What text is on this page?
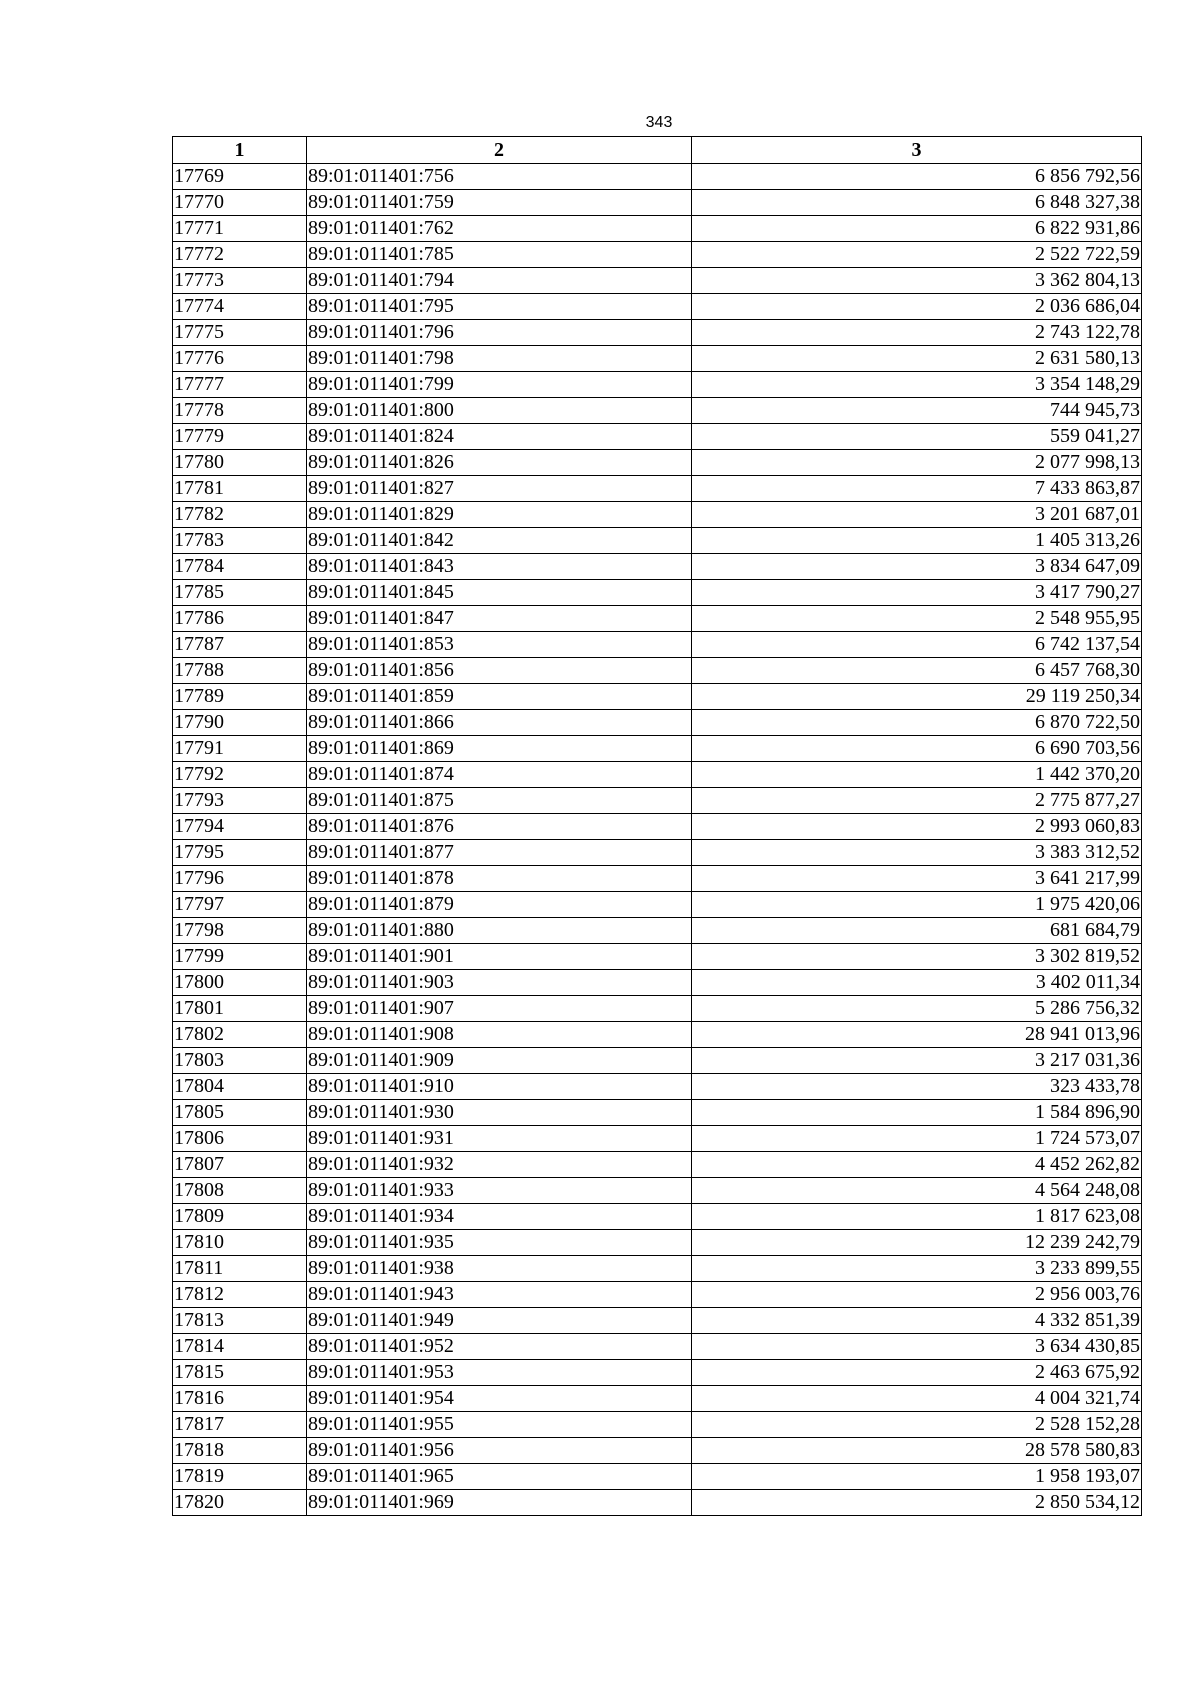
343
1	2	3
17769	89:01:011401:756	6 856 792,56
17770	89:01:011401:759	6 848 327,38
17771	89:01:011401:762	6 822 931,86
17772	89:01:011401:785	2 522 722,59
17773	89:01:011401:794	3 362 804,13
17774	89:01:011401:795	2 036 686,04
17775	89:01:011401:796	2 743 122,78
17776	89:01:011401:798	2 631 580,13
17777	89:01:011401:799	3 354 148,29
17778	89:01:011401:800	744 945,73
17779	89:01:011401:824	559 041,27
17780	89:01:011401:826	2 077 998,13
17781	89:01:011401:827	7 433 863,87
17782	89:01:011401:829	3 201 687,01
17783	89:01:011401:842	1 405 313,26
17784	89:01:011401:843	3 834 647,09
17785	89:01:011401:845	3 417 790,27
17786	89:01:011401:847	2 548 955,95
17787	89:01:011401:853	6 742 137,54
17788	89:01:011401:856	6 457 768,30
17789	89:01:011401:859	29 119 250,34
17790	89:01:011401:866	6 870 722,50
17791	89:01:011401:869	6 690 703,56
17792	89:01:011401:874	1 442 370,20
17793	89:01:011401:875	2 775 877,27
17794	89:01:011401:876	2 993 060,83
17795	89:01:011401:877	3 383 312,52
17796	89:01:011401:878	3 641 217,99
17797	89:01:011401:879	1 975 420,06
17798	89:01:011401:880	681 684,79
17799	89:01:011401:901	3 302 819,52
17800	89:01:011401:903	3 402 011,34
17801	89:01:011401:907	5 286 756,32
17802	89:01:011401:908	28 941 013,96
17803	89:01:011401:909	3 217 031,36
17804	89:01:011401:910	323 433,78
17805	89:01:011401:930	1 584 896,90
17806	89:01:011401:931	1 724 573,07
17807	89:01:011401:932	4 452 262,82
17808	89:01:011401:933	4 564 248,08
17809	89:01:011401:934	1 817 623,08
17810	89:01:011401:935	12 239 242,79
17811	89:01:011401:938	3 233 899,55
17812	89:01:011401:943	2 956 003,76
17813	89:01:011401:949	4 332 851,39
17814	89:01:011401:952	3 634 430,85
17815	89:01:011401:953	2 463 675,92
17816	89:01:011401:954	4 004 321,74
17817	89:01:011401:955	2 528 152,28
17818	89:01:011401:956	28 578 580,83
17819	89:01:011401:965	1 958 193,07
17820	89:01:011401:969	2 850 534,12
